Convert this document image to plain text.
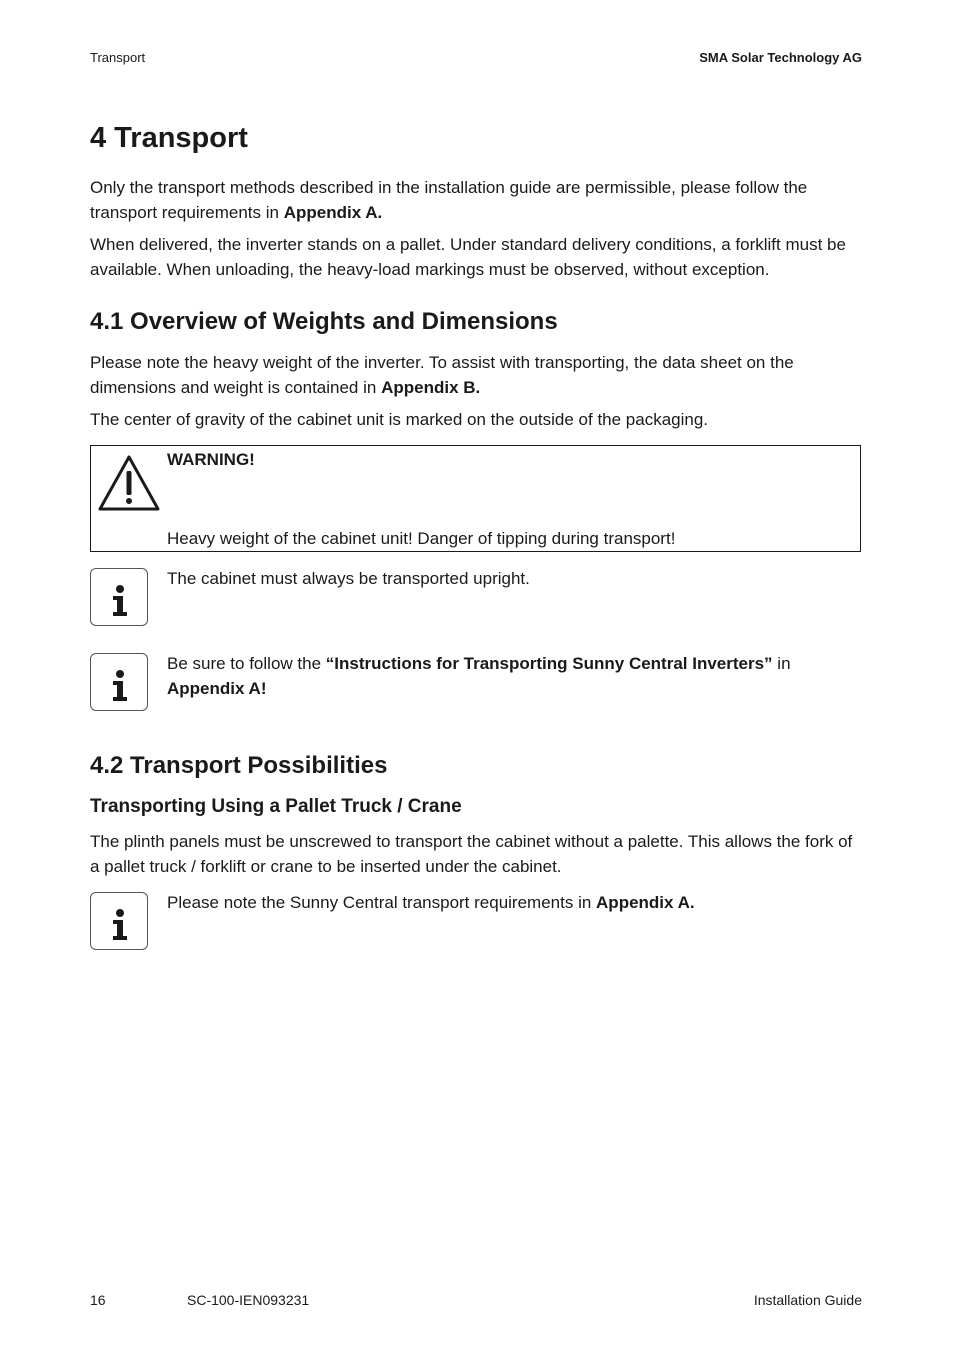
Transport	SMA Solar Technology AG
4 Transport

Only the transport methods described in the installation guide are permissible, please follow the transport requirements in Appendix A.

When delivered, the inverter stands on a pallet. Under standard delivery conditions, a forklift must be available. When unloading, the heavy-load markings must be observed, without exception.

4.1 Overview of Weights and Dimensions

Please note the heavy weight of the inverter. To assist with transporting, the data sheet on the dimensions and weight is contained in Appendix B.

The center of gravity of the cabinet unit is marked on the outside of the packaging.

WARNING!
Heavy weight of the cabinet unit! Danger of tipping during transport!

The cabinet must always be transported upright.

Be sure to follow the “Instructions for Transporting Sunny Central Inverters” in
Appendix A!

4.2 Transport Possibilities
Transporting Using a Pallet Truck / Crane

The plinth panels must be unscrewed to transport the cabinet without a palette. This allows the fork of a pallet truck / forklift or crane to be inserted under the cabinet.

Please note the Sunny Central transport requirements in Appendix A.

16	SC-100-IEN093231	Installation Guide
